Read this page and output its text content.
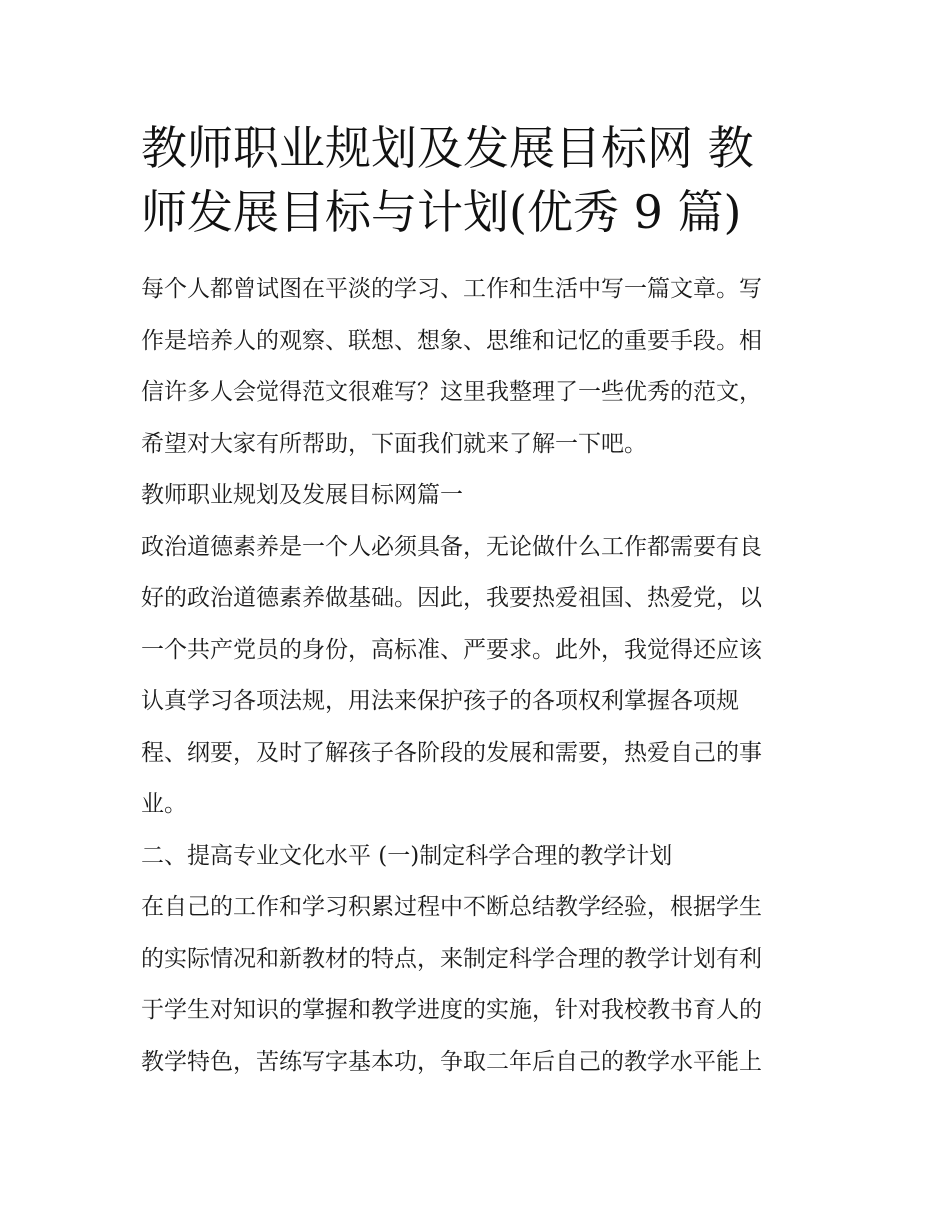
教师职业规划及发展目标网 教
师发展目标与计划(优秀 9 篇)
每个人都曾试图在平淡的学习、工作和生活中写一篇文章。写
作是培养人的观察、联想、想象、思维和记忆的重要手段。相
信许多人会觉得范文很难写？这里我整理了一些优秀的范文，
希望对大家有所帮助，下面我们就来了解一下吧。
教师职业规划及发展目标网篇一
政治道德素养是一个人必须具备，无论做什么工作都需要有良
好的政治道德素养做基础。因此，我要热爱祖国、热爱党，以
一个共产党员的身份，高标准、严要求。此外，我觉得还应该
认真学习各项法规，用法来保护孩子的各项权利掌握各项规
程、纲要，及时了解孩子各阶段的发展和需要，热爱自己的事
业。
二、提高专业文化水平 (一)制定科学合理的教学计划
在自己的工作和学习积累过程中不断总结教学经验，根据学生
的实际情况和新教材的特点，来制定科学合理的教学计划有利
于学生对知识的掌握和教学进度的实施，针对我校教书育人的
教学特色，苦练写字基本功，争取二年后自己的教学水平能上
